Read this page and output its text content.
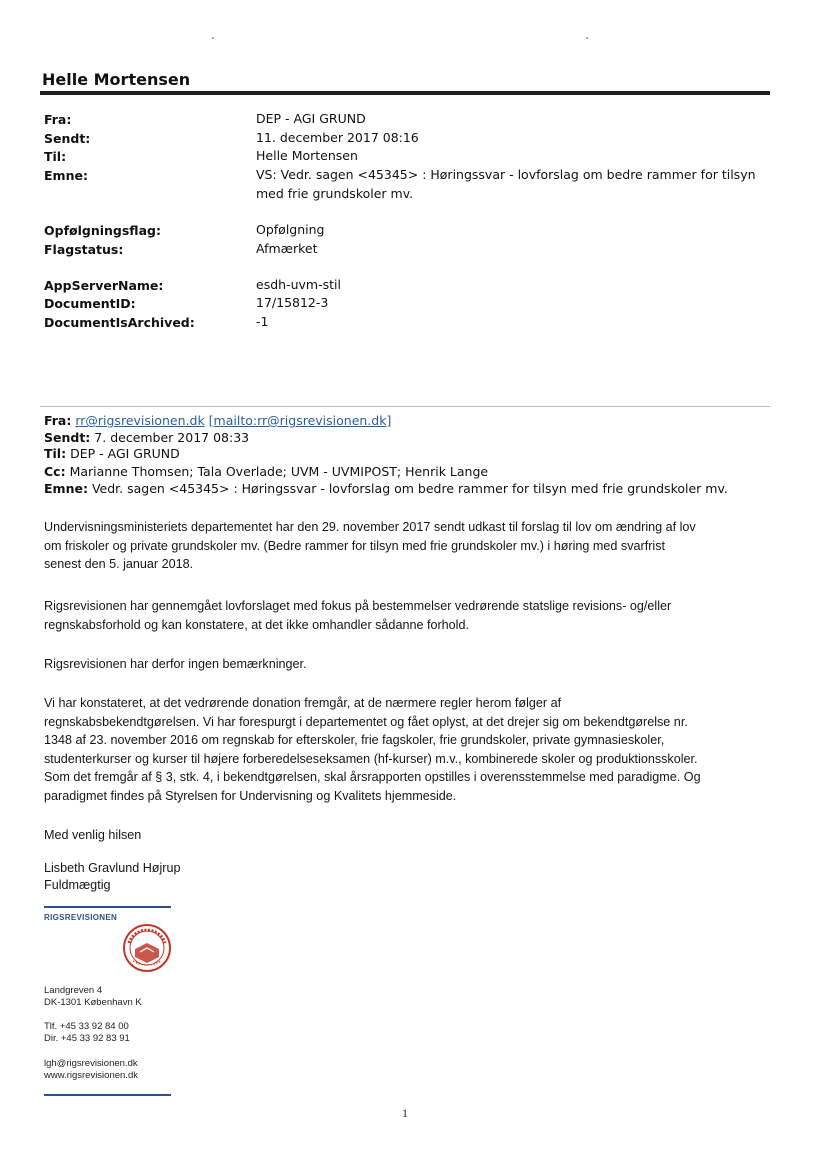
Helle Mortensen
Fra:	DEP - AGI GRUND
Sendt:	11. december 2017 08:16
Til:	Helle Mortensen
Emne:	VS: Vedr. sagen <45345> : Høringssvar - lovforslag om bedre rammer for tilsyn med frie grundskoler mv.
Opfølgningsflag:	Opfølgning
Flagstatus:	Afmærket
AppServerName:	esdh-uvm-stil
DocumentID:	17/15812-3
DocumentIsArchived:	-1
Fra: rr@rigsrevisionen.dk [mailto:rr@rigsrevisionen.dk]
Sendt: 7. december 2017 08:33
Til: DEP - AGI GRUND
Cc: Marianne Thomsen; Tala Overlade; UVM - UVMIPOST; Henrik Lange
Emne: Vedr. sagen <45345> : Høringssvar - lovforslag om bedre rammer for tilsyn med frie grundskoler mv.
Undervisningsministeriets departementet har den 29. november 2017 sendt udkast til forslag til lov om ændring af lov
om friskoler og private grundskoler mv. (Bedre rammer for tilsyn med frie grundskoler mv.) i høring med svarfrist
senest den 5. januar 2018.
Rigsrevisionen har gennemgået lovforslaget med fokus på bestemmelser vedrørende statslige revisions- og/eller
regnskabsforhold og kan konstatere, at det ikke omhandler sådanne forhold.
Rigsrevisionen har derfor ingen bemærkninger.
Vi har konstateret, at det vedrørende donation fremgår, at de nærmere regler herom følger af
regnskabsbekendtgørelsen. Vi har forespurgt i departementet og fået oplyst, at det drejer sig om bekendtgørelse nr.
1348 af 23. november 2016 om regnskab for efterskoler, frie fagskoler, frie grundskoler, private gymnasieskoler,
studenterkurser og kurser til højere forberedelseseksamen (hf-kurser) m.v., kombinerede skoler og produktionsskoler.
Som det fremgår af § 3, stk. 4, i bekendtgørelsen, skal årsrapporten opstilles i overensstemmelse med paradigme. Og
paradigmet findes på Styrelsen for Undervisning og Kvalitets hjemmeside.
Med venlig hilsen
Lisbeth Gravlund Højrup
Fuldmægtig
RIGSREVISIONEN
Landgreven 4
DK-1301 København K
Tlf. +45 33 92 84 00
Dir. +45 33 92 83 91
lgh@rigsrevisionen.dk
www.rigsrevisionen.dk
1
